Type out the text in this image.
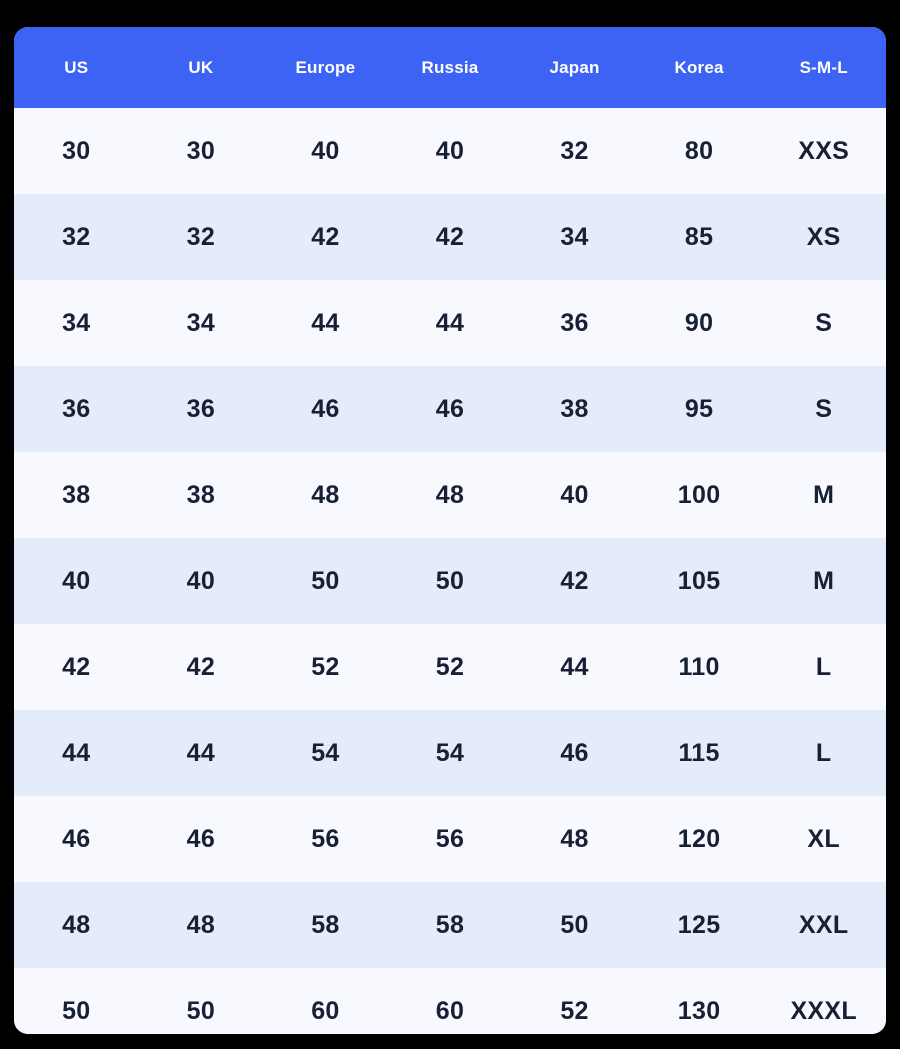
US	UK	Europe	Russia	Japan	Korea	S-M-L
30	30	40	40	32	80	XXS
32	32	42	42	34	85	XS
34	34	44	44	36	90	S
36	36	46	46	38	95	S
38	38	48	48	40	100	M
40	40	50	50	42	105	M
42	42	52	52	44	110	L
44	44	54	54	46	115	L
46	46	56	56	48	120	XL
48	48	58	58	50	125	XXL
50	50	60	60	52	130	XXXL
